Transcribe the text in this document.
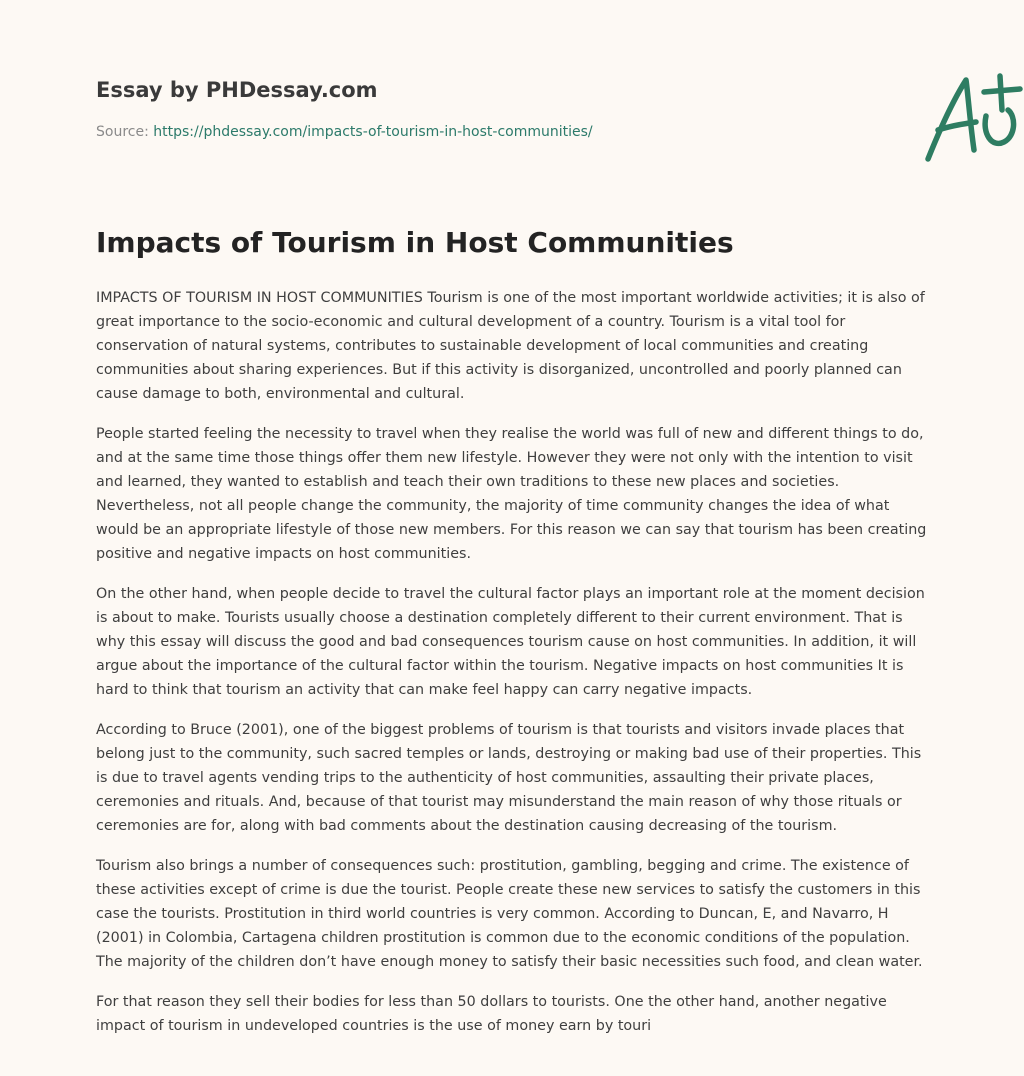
Essay by PHDessay.com
Source: https://phdessay.com/impacts-of-tourism-in-host-communities/
Impacts of Tourism in Host Communities

IMPACTS OF TOURISM IN HOST COMMUNITIES Tourism is one of the most important worldwide activities; it is also of great importance to the socio-economic and cultural development of a country. Tourism is a vital tool for conservation of natural systems, contributes to sustainable development of local communities and creating communities about sharing experiences. But if this activity is disorganized, uncontrolled and poorly planned can cause damage to both, environmental and cultural.

People started feeling the necessity to travel when they realise the world was full of new and different things to do, and at the same time those things offer them new lifestyle. However they were not only with the intention to visit and learned, they wanted to establish and teach their own traditions to these new places and societies. Nevertheless, not all people change the community, the majority of time community changes the idea of what would be an appropriate lifestyle of those new members. For this reason we can say that tourism has been creating positive and negative impacts on host communities.

On the other hand, when people decide to travel the cultural factor plays an important role at the moment decision is about to make. Tourists usually choose a destination completely different to their current environment. That is why this essay will discuss the good and bad consequences tourism cause on host communities. In addition, it will argue about the importance of the cultural factor within the tourism. Negative impacts on host communities It is hard to think that tourism an activity that can make feel happy can carry negative impacts.

According to Bruce (2001), one of the biggest problems of tourism is that tourists and visitors invade places that belong just to the community, such sacred temples or lands, destroying or making bad use of their properties. This is due to travel agents vending trips to the authenticity of host communities, assaulting their private places, ceremonies and rituals. And, because of that tourist may misunderstand the main reason of why those rituals or ceremonies are for, along with bad comments about the destination causing decreasing of the tourism.

Tourism also brings a number of consequences such: prostitution, gambling, begging and crime. The existence of these activities except of crime is due the tourist. People create these new services to satisfy the customers in this case the tourists. Prostitution in third world countries is very common. According to Duncan, E, and Navarro, H (2001) in Colombia, Cartagena children prostitution is common due to the economic conditions of the population. The majority of the children don’t have enough money to satisfy their basic necessities such food, and clean water.

For that reason they sell their bodies for less than 50 dollars to tourists. One the other hand, another negative impact of tourism in undeveloped countries is the use of money earn by touri
